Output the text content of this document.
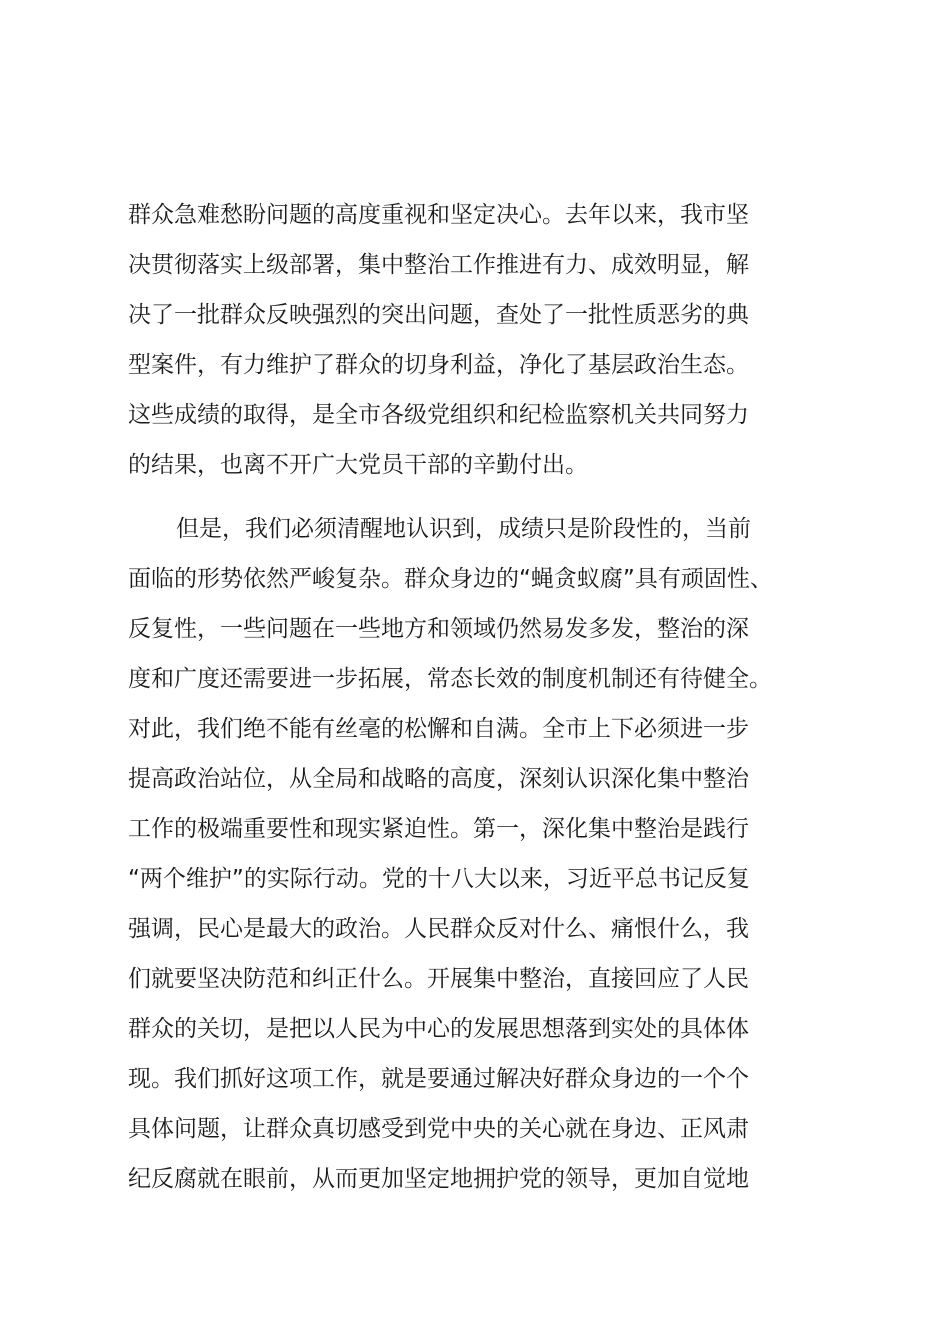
群众急难愁盼问题的高度重视和坚定决心。去年以来，我市坚
决贯彻落实上级部署，集中整治工作推进有力、成效明显，解
决了一批群众反映强烈的突出问题，查处了一批性质恶劣的典
型案件，有力维护了群众的切身利益，净化了基层政治生态。
这些成绩的取得，是全市各级党组织和纪检监察机关共同努力
的结果，也离不开广大党员干部的辛勤付出。
但是，我们必须清醒地认识到，成绩只是阶段性的，当前
面临的形势依然严峻复杂。群众身边的“蝇贪蚁腐”具有顽固性、
反复性，一些问题在一些地方和领域仍然易发多发，整治的深
度和广度还需要进一步拓展，常态长效的制度机制还有待健全。
对此，我们绝不能有丝毫的松懈和自满。全市上下必须进一步
提高政治站位，从全局和战略的高度，深刻认识深化集中整治
工作的极端重要性和现实紧迫性。第一，深化集中整治是践行
“两个维护”的实际行动。党的十八大以来，习近平总书记反复
强调，民心是最大的政治。人民群众反对什么、痛恨什么，我
们就要坚决防范和纠正什么。开展集中整治，直接回应了人民
群众的关切，是把以人民为中心的发展思想落到实处的具体体
现。我们抓好这项工作，就是要通过解决好群众身边的一个个
具体问题，让群众真切感受到党中央的关心就在身边、正风肃
纪反腐就在眼前，从而更加坚定地拥护党的领导，更加自觉地
